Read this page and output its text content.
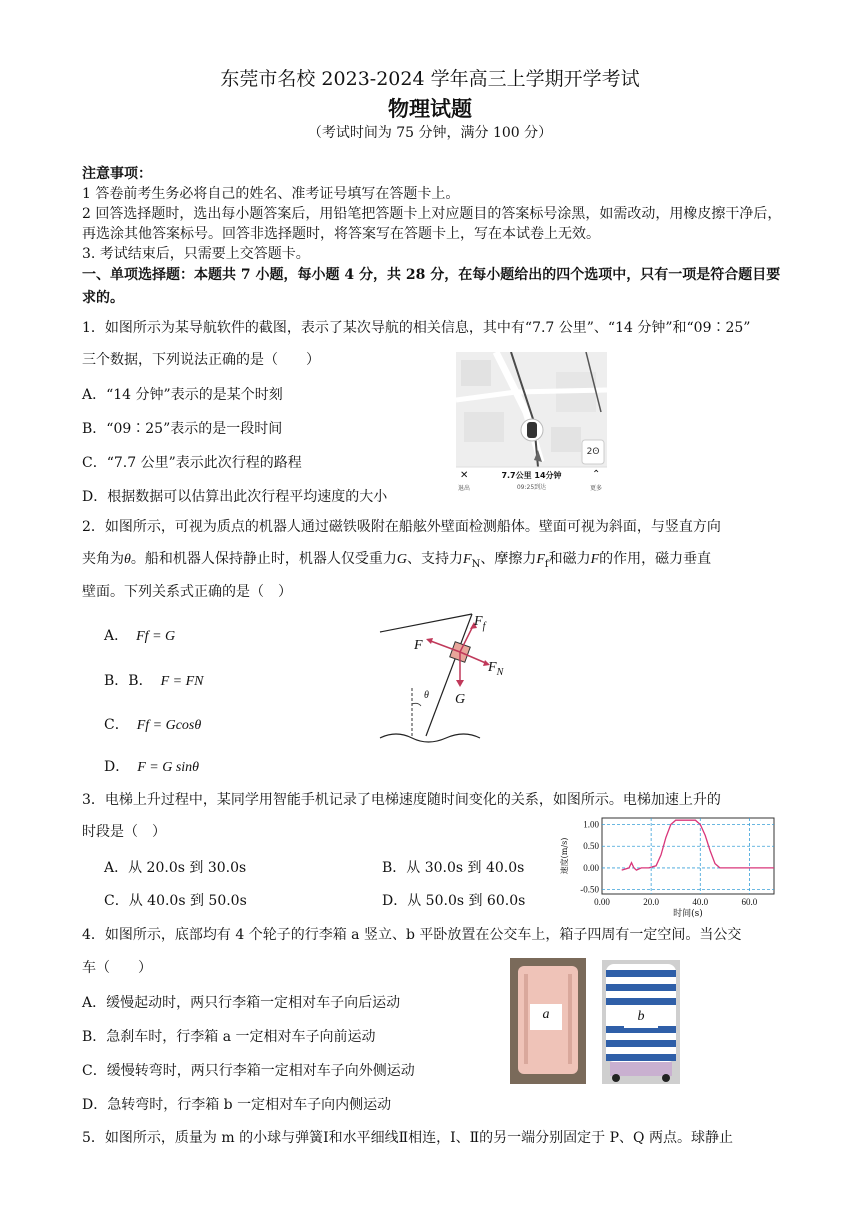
东莞市名校 2023-2024 学年高三上学期开学考试
物理试题
（考试时间为 75 分钟，满分 100 分）
注意事项：
1 答卷前考生务必将自己的姓名、准考证号填写在答题卡上。
2 回答选择题时，选出每小题答案后，用铅笔把答题卡上对应题目的答案标号涂黑，如需改动，用橡皮擦干净后，再选涂其他答案标号。回答非选择题时，将答案写在答题卡上，写在本试卷上无效。
3. 考试结束后，只需要上交答题卡。
一、单项选择题：本题共 7 小题，每小题 4 分，共 28 分，在每小题给出的四个选项中，只有一项是符合题目要求的。
1．如图所示为某导航软件的截图，表示了某次导航的相关信息，其中有“7.7 公里”、“14 分钟”和“09∶25”
三个数据，下列说法正确的是（　　）
A．“14 分钟”表示的是某个时刻
B．“09∶25”表示的是一段时间
C．“7.7 公里”表示此次行程的路程
D．根据数据可以估算出此次行程平均速度的大小
2ʘ
✕
退出
7.7公里 14分钟
09:25到达
⌃
更多
2．如图所示，可视为质点的机器人通过磁铁吸附在船舷外壁面检测船体。壁面可视为斜面，与竖直方向
夹角为θ。船和机器人保持静止时，机器人仅受重力G、支持力$F_N$、摩擦力$F_f$和磁力F的作用，磁力垂直
壁面。下列关系式正确的是（　）
A． Ff = G
B．B． F = FN
C． Ff = Gcosθ
D． F = G sinθ
$F_f$
F
$F_N$
G
θ
3．电梯上升过程中，某同学用智能手机记录了电梯速度随时间变化的关系，如图所示。电梯加速上升的
时段是（　）
A．从 20.0s 到 30.0s	B．从 30.0s 到 40.0s
C．从 40.0s 到 50.0s	D．从 50.0s 到 60.0s
1.00
0.50
0.00
-0.50
0.00	20.0	40.0	60.0
时间(s)
速度(m/s)
4．如图所示，底部均有 4 个轮子的行李箱 a 竖立、b 平卧放置在公交车上，箱子四周有一定空间。当公交
车（　　）
A．缓慢起动时，两只行李箱一定相对车子向后运动
B．急刹车时，行李箱 a 一定相对车子向前运动
C．缓慢转弯时，两只行李箱一定相对车子向外侧运动
D．急转弯时，行李箱 b 一定相对车子向内侧运动
a	b
5．如图所示，质量为 m 的小球与弹簧Ⅰ和水平细线Ⅱ相连，Ⅰ、Ⅱ的另一端分别固定于 P、Q 两点。球静止
